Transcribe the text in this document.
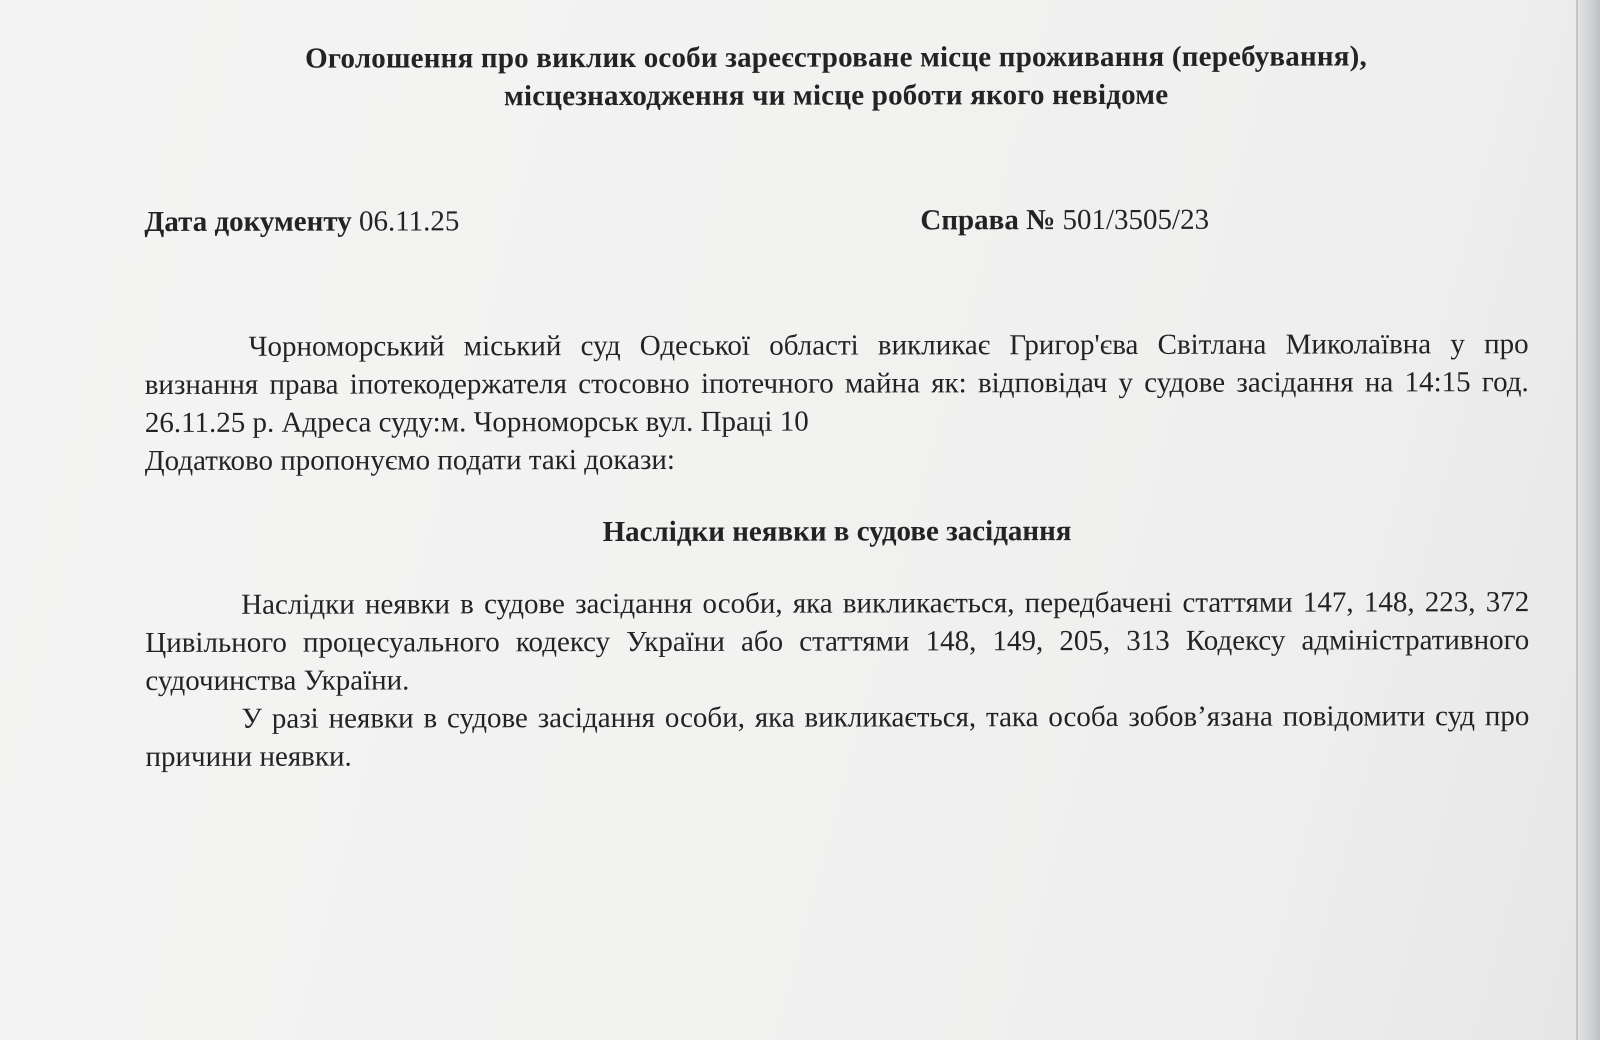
Оголошення про виклик особи зареєстроване місце проживання (перебування),
місцезнаходження чи місце роботи якого невідоме
Дата документу 06.11.25	Справа № 501/3505/23

Чорноморський міський суд Одеської області викликає Григор'єва Світлана Миколаївна у про визнання права іпотекодержателя стосовно іпотечного майна як: відповідач у судове засідання на 14:15 год. 26.11.25 р. Адреса суду:м. Чорноморськ вул. Праці 10

Додатково пропонуємо подати такі докази:

Наслідки неявки в судове засідання

Наслідки неявки в судове засідання особи, яка викликається, передбачені статтями 147, 148, 223, 372 Цивільного процесуального кодексу України або статтями 148, 149, 205, 313 Кодексу адміністративного судочинства України.

У разі неявки в судове засідання особи, яка викликається, така особа зобов’язана повідомити суд про причини неявки.
